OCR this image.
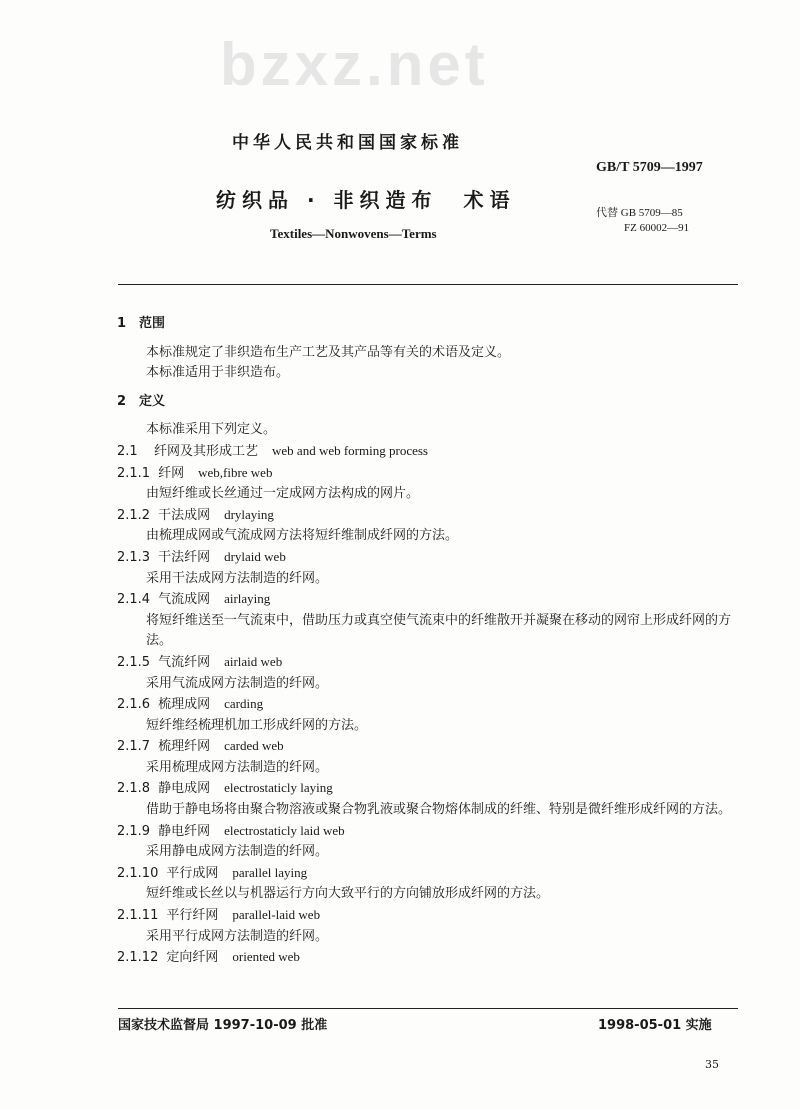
bzxz.net
中华人民共和国国家标准
纺织品 · 非织造布　术语
Textiles—Nonwovens—Terms
GB/T 5709—1997
代替 GB 5709—85
FZ 60002—91

1　范围

本标准规定了非织造布生产工艺及其产品等有关的术语及定义。
本标准适用于非织造布。

2　定义

本标准采用下列定义。
2.1 纤网及其形成工艺 web and web forming process
2.1.1 纤网 web,fibre web
由短纤维或长丝通过一定成网方法构成的网片。
2.1.2 干法成网 drylaying
由梳理成网或气流成网方法将短纤维制成纤网的方法。
2.1.3 干法纤网 drylaid web
采用干法成网方法制造的纤网。
2.1.4 气流成网 airlaying
将短纤维送至一气流束中，借助压力或真空使气流束中的纤维散开并凝聚在移动的网帘上形成纤网的方法。
2.1.5 气流纤网 airlaid web
采用气流成网方法制造的纤网。
2.1.6 梳理成网 carding
短纤维经梳理机加工形成纤网的方法。
2.1.7 梳理纤网 carded web
采用梳理成网方法制造的纤网。
2.1.8 静电成网 electrostaticly laying
借助于静电场将由聚合物溶液或聚合物乳液或聚合物熔体制成的纤维、特别是微纤维形成纤网的方法。
2.1.9 静电纤网 electrostaticly laid web
采用静电成网方法制造的纤网。
2.1.10 平行成网 parallel laying
短纤维或长丝以与机器运行方向大致平行的方向铺放形成纤网的方法。
2.1.11 平行纤网 parallel-laid web
采用平行成网方法制造的纤网。
2.1.12 定向纤网 oriented web
国家技术监督局 1997-10-09 批准	1998-05-01 实施
35
